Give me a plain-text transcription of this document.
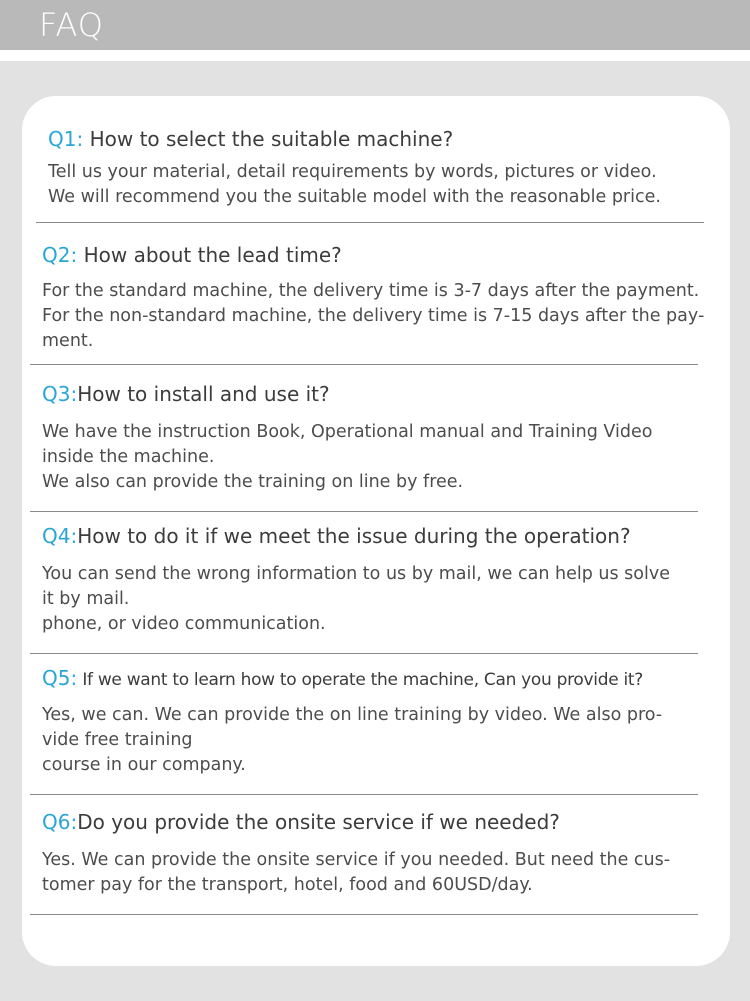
FAQ
Q1: How to select the suitable machine?
Tell us your material, detail requirements by words, pictures or video.
We will recommend you the suitable model with the reasonable price.
Q2: How about the lead time?
For the standard machine, the delivery time is 3-7 days after the payment.
For the non-standard machine, the delivery time is 7-15 days after the pay-
ment.
Q3:How to install and use it?
We have the instruction Book, Operational manual and Training Video
inside the machine.
We also can provide the training on line by free.
Q4:How to do it if we meet the issue during the operation?
You can send the wrong information to us by mail, we can help us solve
it by mail.
phone, or video communication.
Q5: If we want to learn how to operate the machine, Can you provide it?
Yes, we can. We can provide the on line training by video. We also pro-
vide free training
course in our company.
Q6:Do you provide the onsite service if we needed?
Yes. We can provide the onsite service if you needed. But need the cus-
tomer pay for the transport, hotel, food and 60USD/day.
